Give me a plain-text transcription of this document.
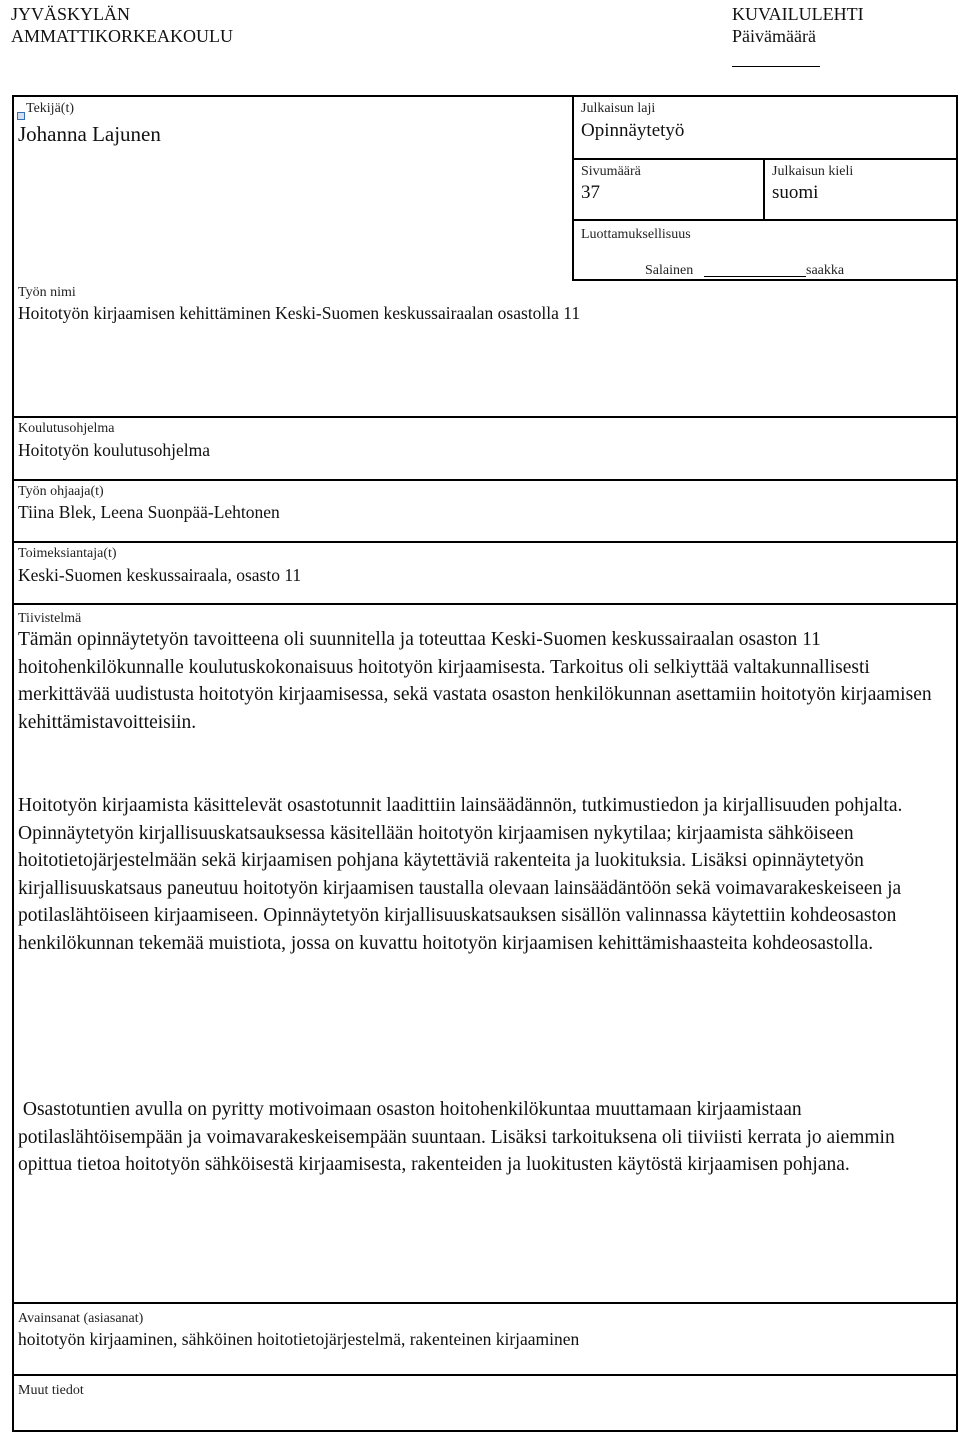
JYVÄSKYLÄN
AMMATTIKORKEAKOULU
KUVAILULEHTI
Päivämäärä
Tekijä(t)
Johanna Lajunen
Julkaisun laji
Opinnäytetyö
Sivumäärä
37
Julkaisun kieli
suomi
Luottamuksellisuus
Salainen	saakka
Työn nimi
Hoitotyön kirjaamisen kehittäminen Keski-Suomen keskussairaalan osastolla 11
Koulutusohjelma
Hoitotyön koulutusohjelma
Työn ohjaaja(t)
Tiina Blek, Leena Suonpää-Lehtonen
Toimeksiantaja(t)
Keski-Suomen keskussairaala, osasto 11
Tiivistelmä

Tämän opinnäytetyön tavoitteena oli suunnitella ja toteuttaa Keski-Suomen keskussairaalan osaston 11 hoitohenkilökunnalle koulutuskokonaisuus hoitotyön kirjaamisesta. Tarkoitus oli selkiyttää valtakunnallisesti merkittävää uudistusta hoitotyön kirjaamisessa, sekä vastata osaston henkilökunnan asettamiin hoitotyön kirjaamisen kehittämistavoitteisiin.

Hoitotyön kirjaamista käsittelevät osastotunnit laadittiin lainsäädännön, tutkimustiedon ja kirjallisuuden pohjalta. Opinnäytetyön kirjallisuuskatsauksessa käsitellään hoitotyön kirjaamisen nykytilaa; kirjaamista sähköiseen hoitotietojärjestelmään sekä kirjaamisen pohjana käytettäviä rakenteita ja luokituksia. Lisäksi opinnäytetyön kirjallisuuskatsaus paneutuu hoitotyön kirjaamisen taustalla olevaan lainsäädäntöön sekä voimavarakeskeiseen ja potilaslähtöiseen kirjaamiseen. Opinnäytetyön kirjallisuuskatsauksen sisällön valinnassa käytettiin kohdeosaston henkilökunnan tekemää muistiota, jossa on kuvattu hoitotyön kirjaamisen kehittämishaasteita kohdeosastolla.

Osastotuntien avulla on pyritty motivoimaan osaston hoitohenkilökuntaa muuttamaan kirjaamistaan potilaslähtöisempään ja voimavarakeskeisempään suuntaan. Lisäksi tarkoituksena oli tiiviisti kerrata jo aiemmin opittua tietoa hoitotyön sähköisestä kirjaamisesta, rakenteiden ja luokitusten käytöstä kirjaamisen pohjana.

Avainsanat (asiasanat)
hoitotyön kirjaaminen, sähköinen hoitotietojärjestelmä, rakenteinen kirjaaminen
Muut tiedot
